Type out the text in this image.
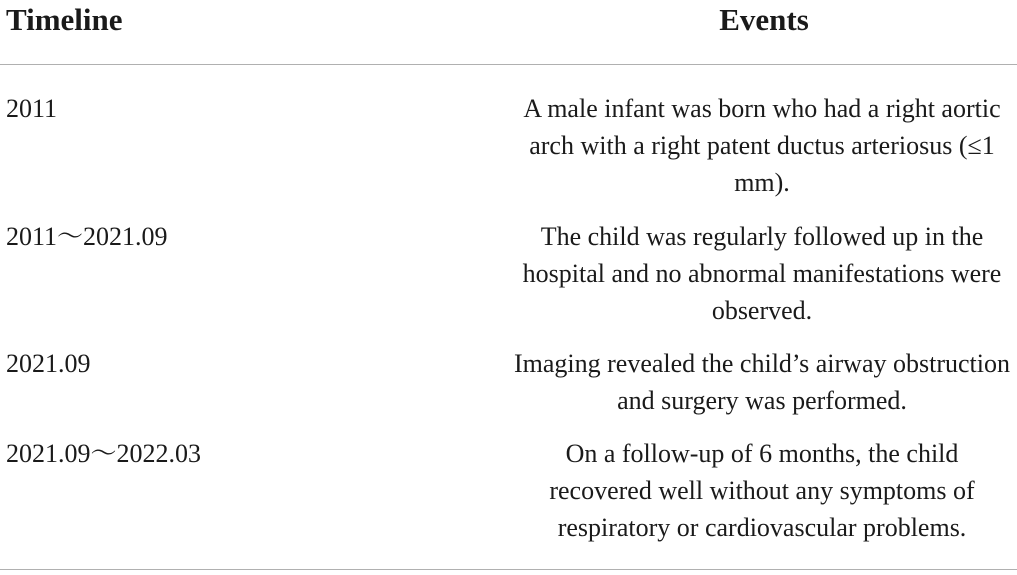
Timeline	Events
2011	A male infant was born who had a right aortic arch with a right patent ductus arteriosus (≤1 mm).
2011～2021.09	The child was regularly followed up in the hospital and no abnormal manifestations were observed.
2021.09	Imaging revealed the child’s airway obstruction and surgery was performed.
2021.09～2022.03	On a follow-up of 6 months, the child recovered well without any symptoms of respiratory or cardiovascular problems.
